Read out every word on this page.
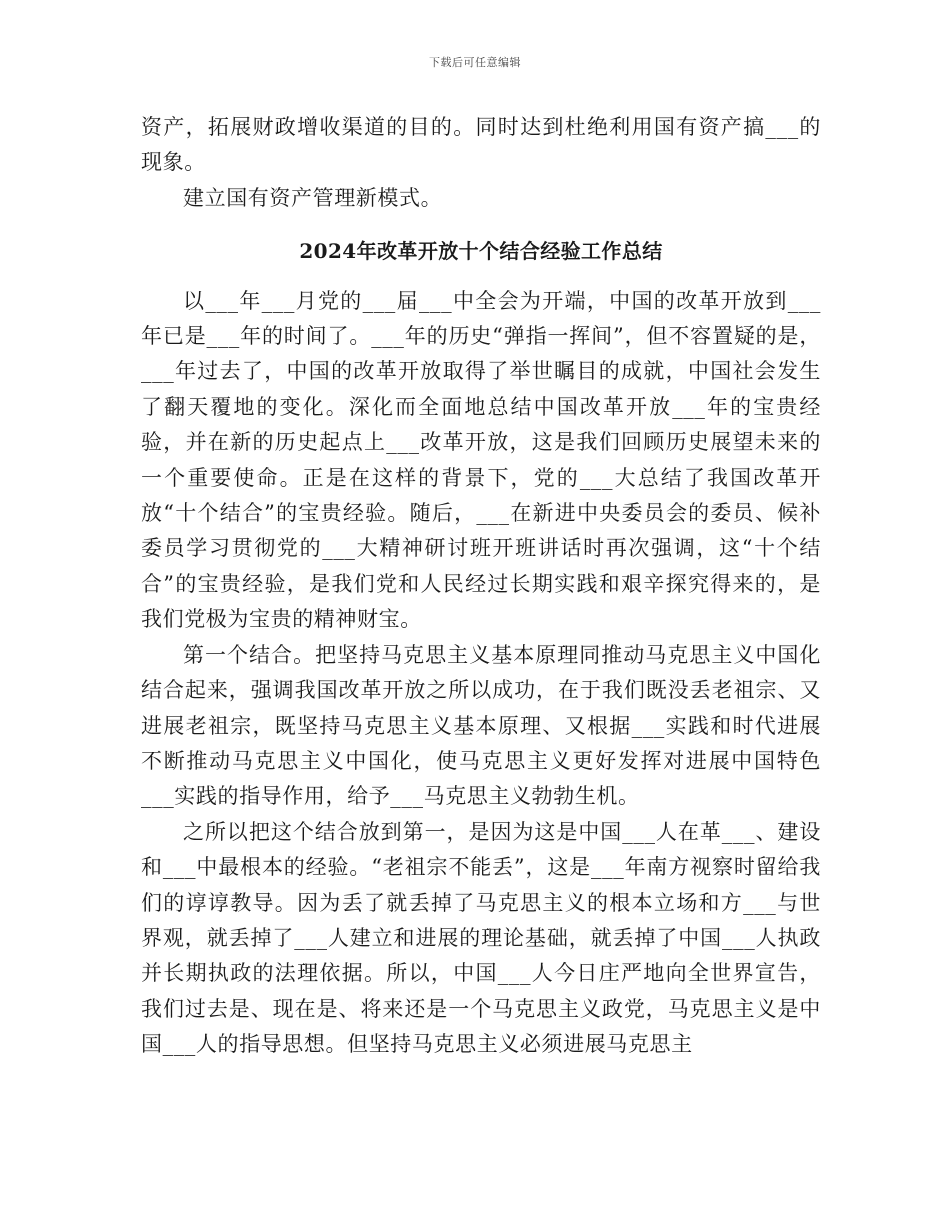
下载后可任意编辑

资产，拓展财政增收渠道的目的。同时达到杜绝利用国有资产搞___的现象。

建立国有资产管理新模式。

2024年改革开放十个结合经验工作总结

以___年___月党的___届___中全会为开端，中国的改革开放到___年已是___年的时间了。___年的历史“弹指一挥间”，但不容置疑的是，___年过去了，中国的改革开放取得了举世瞩目的成就，中国社会发生了翻天覆地的变化。深化而全面地总结中国改革开放___年的宝贵经验，并在新的历史起点上___改革开放，这是我们回顾历史展望未来的一个重要使命。正是在这样的背景下，党的___大总结了我国改革开放“十个结合”的宝贵经验。随后，___在新进中央委员会的委员、候补委员学习贯彻党的___大精神研讨班开班讲话时再次强调，这“十个结合”的宝贵经验，是我们党和人民经过长期实践和艰辛探究得来的，是我们党极为宝贵的精神财宝。

第一个结合。把坚持马克思主义基本原理同推动马克思主义中国化结合起来，强调我国改革开放之所以成功，在于我们既没丢老祖宗、又进展老祖宗，既坚持马克思主义基本原理、又根据___实践和时代进展不断推动马克思主义中国化，使马克思主义更好发挥对进展中国特色___实践的指导作用，给予___马克思主义勃勃生机。

之所以把这个结合放到第一，是因为这是中国___人在革___、建设和___中最根本的经验。“老祖宗不能丢”，这是___年南方视察时留给我们的谆谆教导。因为丢了就丢掉了马克思主义的根本立场和方___与世界观，就丢掉了___人建立和进展的理论基础，就丢掉了中国___人执政并长期执政的法理依据。所以，中国___人今日庄严地向全世界宣告，我们过去是、现在是、将来还是一个马克思主义政党，马克思主义是中国___人的指导思想。但坚持马克思主义必须进展马克思主
